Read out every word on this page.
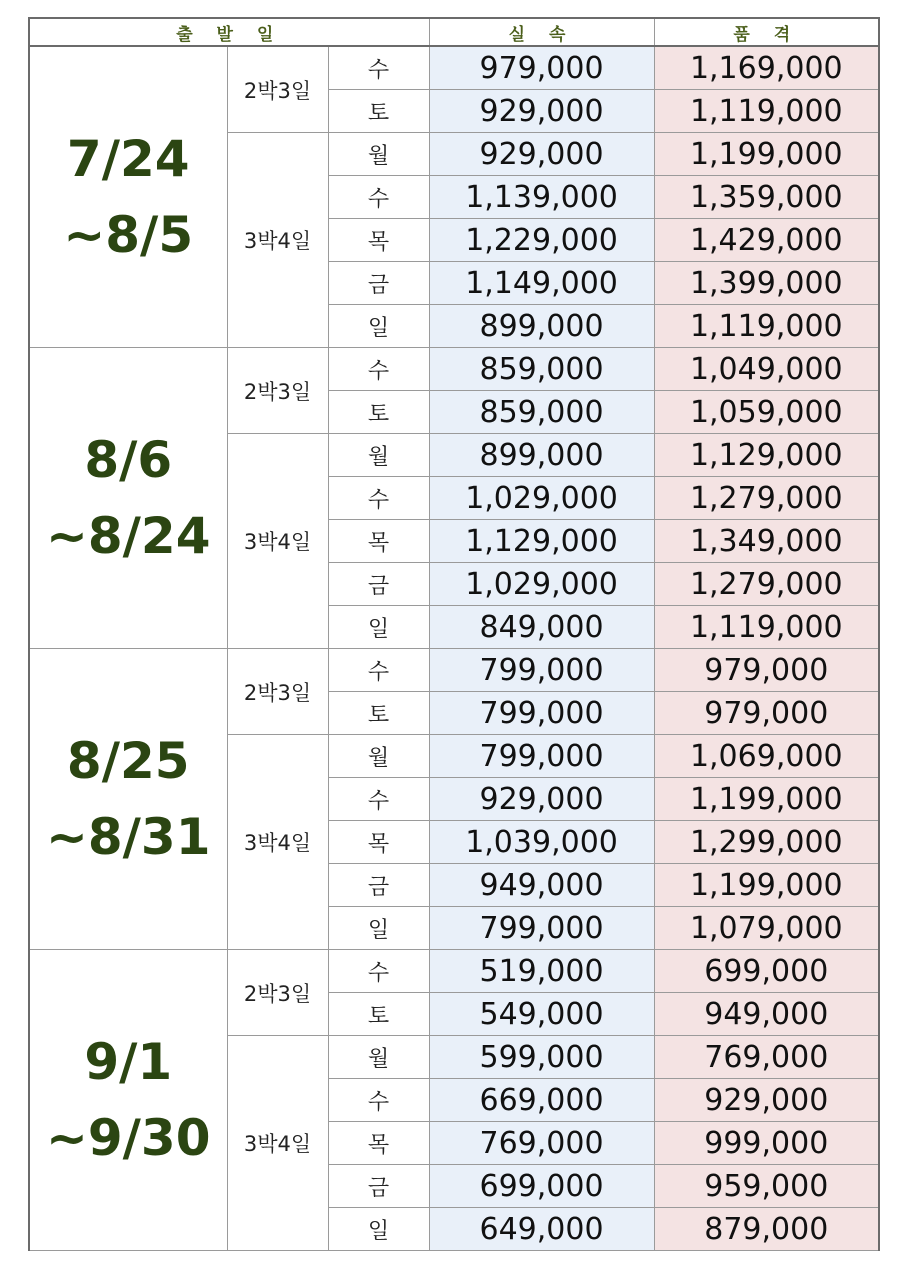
출 발 일			실 속	품 격

7/24
~8/5	2박3일	수	979,000	1,169,000
		토	929,000	1,119,000
	3박4일	월	929,000	1,199,000
		수	1,139,000	1,359,000
		목	1,229,000	1,429,000
		금	1,149,000	1,399,000
		일	899,000	1,119,000

8/6
~8/24	2박3일	수	859,000	1,049,000
		토	859,000	1,059,000
	3박4일	월	899,000	1,129,000
		수	1,029,000	1,279,000
		목	1,129,000	1,349,000
		금	1,029,000	1,279,000
		일	849,000	1,119,000

8/25
~8/31	2박3일	수	799,000	979,000
		토	799,000	979,000
	3박4일	월	799,000	1,069,000
		수	929,000	1,199,000
		목	1,039,000	1,299,000
		금	949,000	1,199,000
		일	799,000	1,079,000

9/1
~9/30	2박3일	수	519,000	699,000
		토	549,000	949,000
	3박4일	월	599,000	769,000
		수	669,000	929,000
		목	769,000	999,000
		금	699,000	959,000
		일	649,000	879,000
